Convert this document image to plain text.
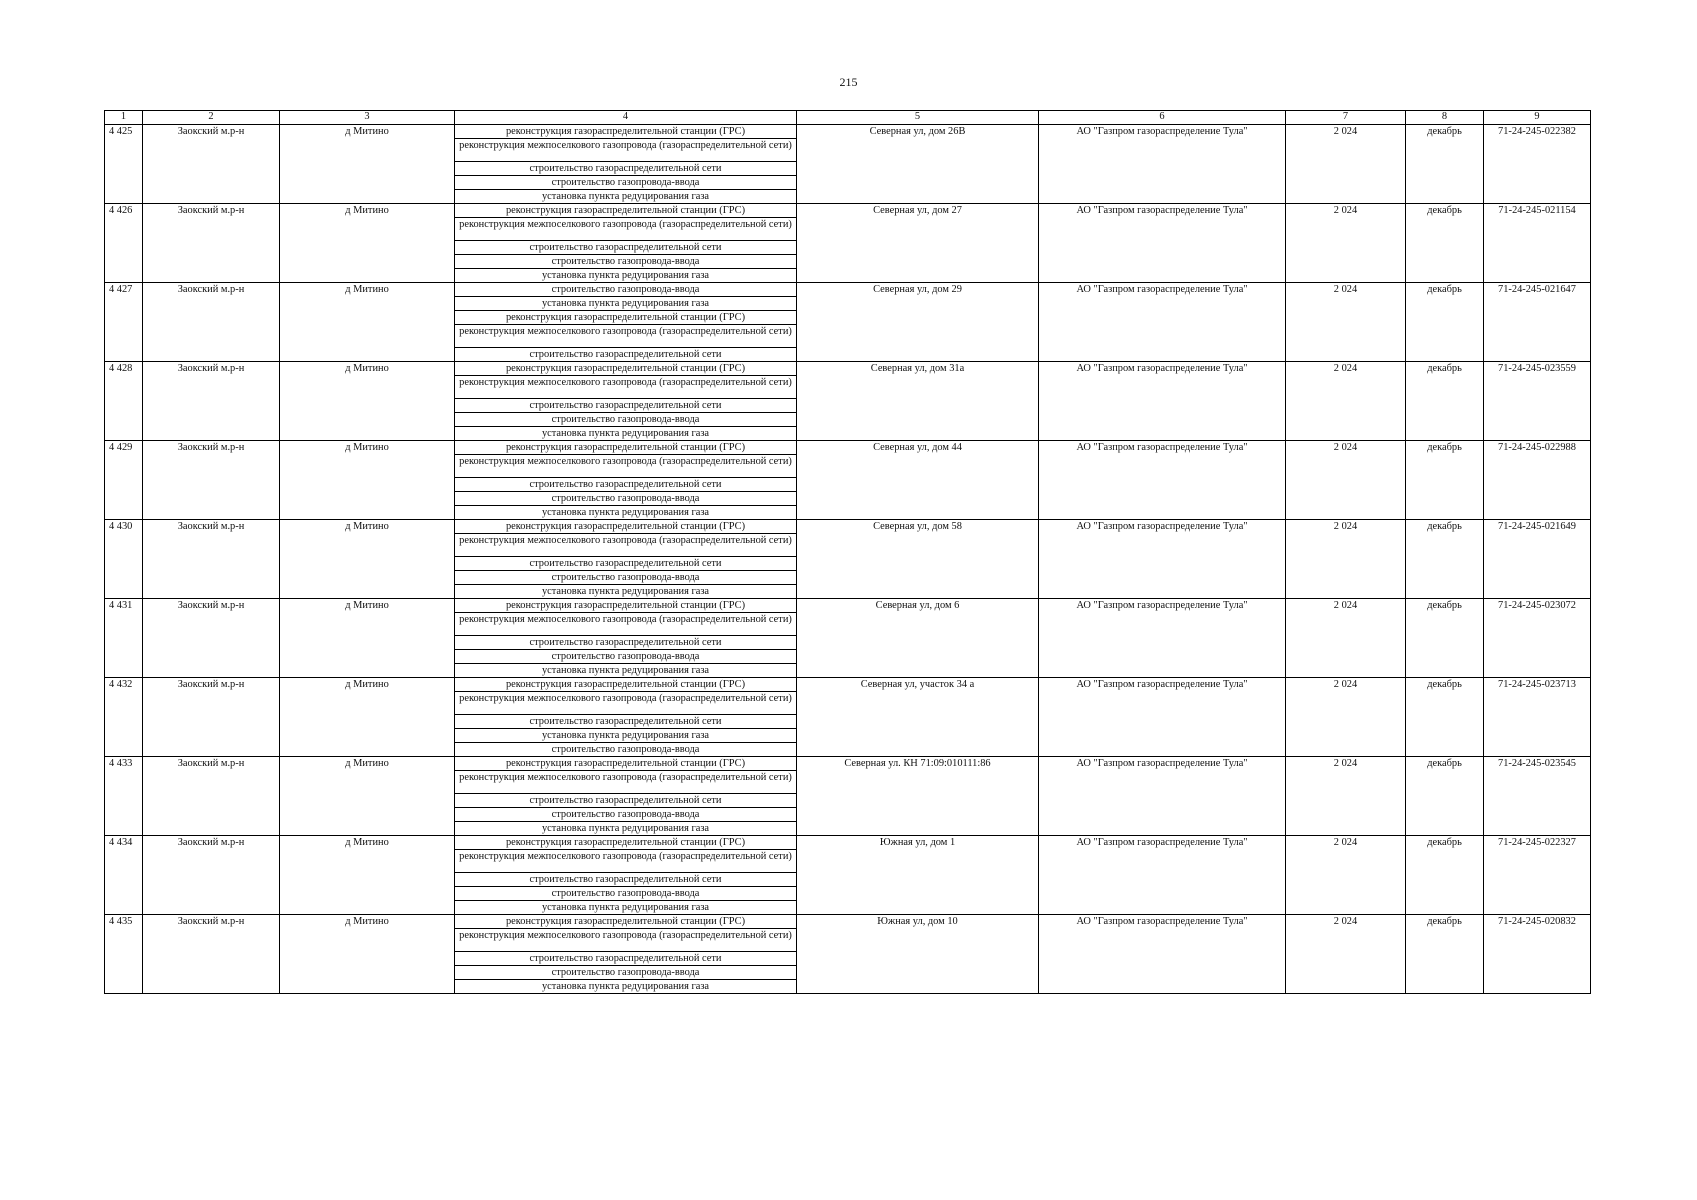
215
1	2	3	4	5	6	7	8	9
4 425	Заокский м.р-н	д Митино	реконструкция газораспределительной станции (ГРС)	Северная ул, дом 26В	АО "Газпром газораспределение Тула"	2 024	декабрь	71-24-245-022382
			реконструкция межпоселкового газопровода (газораспределительной сети)					
			строительство газораспределительной сети					
			строительство газопровода-ввода					
			установка пункта редуцирования газа					
4 426	Заокский м.р-н	д Митино	реконструкция газораспределительной станции (ГРС)	Северная ул, дом 27	АО "Газпром газораспределение Тула"	2 024	декабрь	71-24-245-021154
			реконструкция межпоселкового газопровода (газораспределительной сети)					
			строительство газораспределительной сети					
			строительство газопровода-ввода					
			установка пункта редуцирования газа					
4 427	Заокский м.р-н	д Митино	строительство газопровода-ввода	Северная ул, дом 29	АО "Газпром газораспределение Тула"	2 024	декабрь	71-24-245-021647
			установка пункта редуцирования газа					
			реконструкция газораспределительной станции (ГРС)					
			реконструкция межпоселкового газопровода (газораспределительной сети)					
			строительство газораспределительной сети					
4 428	Заокский м.р-н	д Митино	реконструкция газораспределительной станции (ГРС)	Северная ул, дом 31а	АО "Газпром газораспределение Тула"	2 024	декабрь	71-24-245-023559
			реконструкция межпоселкового газопровода (газораспределительной сети)					
			строительство газораспределительной сети					
			строительство газопровода-ввода					
			установка пункта редуцирования газа					
4 429	Заокский м.р-н	д Митино	реконструкция газораспределительной станции (ГРС)	Северная ул, дом 44	АО "Газпром газораспределение Тула"	2 024	декабрь	71-24-245-022988
			реконструкция межпоселкового газопровода (газораспределительной сети)					
			строительство газораспределительной сети					
			строительство газопровода-ввода					
			установка пункта редуцирования газа					
4 430	Заокский м.р-н	д Митино	реконструкция газораспределительной станции (ГРС)	Северная ул, дом 58	АО "Газпром газораспределение Тула"	2 024	декабрь	71-24-245-021649
			реконструкция межпоселкового газопровода (газораспределительной сети)					
			строительство газораспределительной сети					
			строительство газопровода-ввода					
			установка пункта редуцирования газа					
4 431	Заокский м.р-н	д Митино	реконструкция газораспределительной станции (ГРС)	Северная ул, дом 6	АО "Газпром газораспределение Тула"	2 024	декабрь	71-24-245-023072
			реконструкция межпоселкового газопровода (газораспределительной сети)					
			строительство газораспределительной сети					
			строительство газопровода-ввода					
			установка пункта редуцирования газа					
4 432	Заокский м.р-н	д Митино	реконструкция газораспределительной станции (ГРС)	Северная ул, участок 34 а	АО "Газпром газораспределение Тула"	2 024	декабрь	71-24-245-023713
			реконструкция межпоселкового газопровода (газораспределительной сети)					
			строительство газораспределительной сети					
			установка пункта редуцирования газа					
			строительство газопровода-ввода					
4 433	Заокский м.р-н	д Митино	реконструкция газораспределительной станции (ГРС)	Северная ул. КН 71:09:010111:86	АО "Газпром газораспределение Тула"	2 024	декабрь	71-24-245-023545
			реконструкция межпоселкового газопровода (газораспределительной сети)					
			строительство газораспределительной сети					
			строительство газопровода-ввода					
			установка пункта редуцирования газа					
4 434	Заокский м.р-н	д Митино	реконструкция газораспределительной станции (ГРС)	Южная ул, дом 1	АО "Газпром газораспределение Тула"	2 024	декабрь	71-24-245-022327
			реконструкция межпоселкового газопровода (газораспределительной сети)					
			строительство газораспределительной сети					
			строительство газопровода-ввода					
			установка пункта редуцирования газа					
4 435	Заокский м.р-н	д Митино	реконструкция газораспределительной станции (ГРС)	Южная ул, дом 10	АО "Газпром газораспределение Тула"	2 024	декабрь	71-24-245-020832
			реконструкция межпоселкового газопровода (газораспределительной сети)					
			строительство газораспределительной сети					
			строительство газопровода-ввода					
			установка пункта редуцирования газа					
